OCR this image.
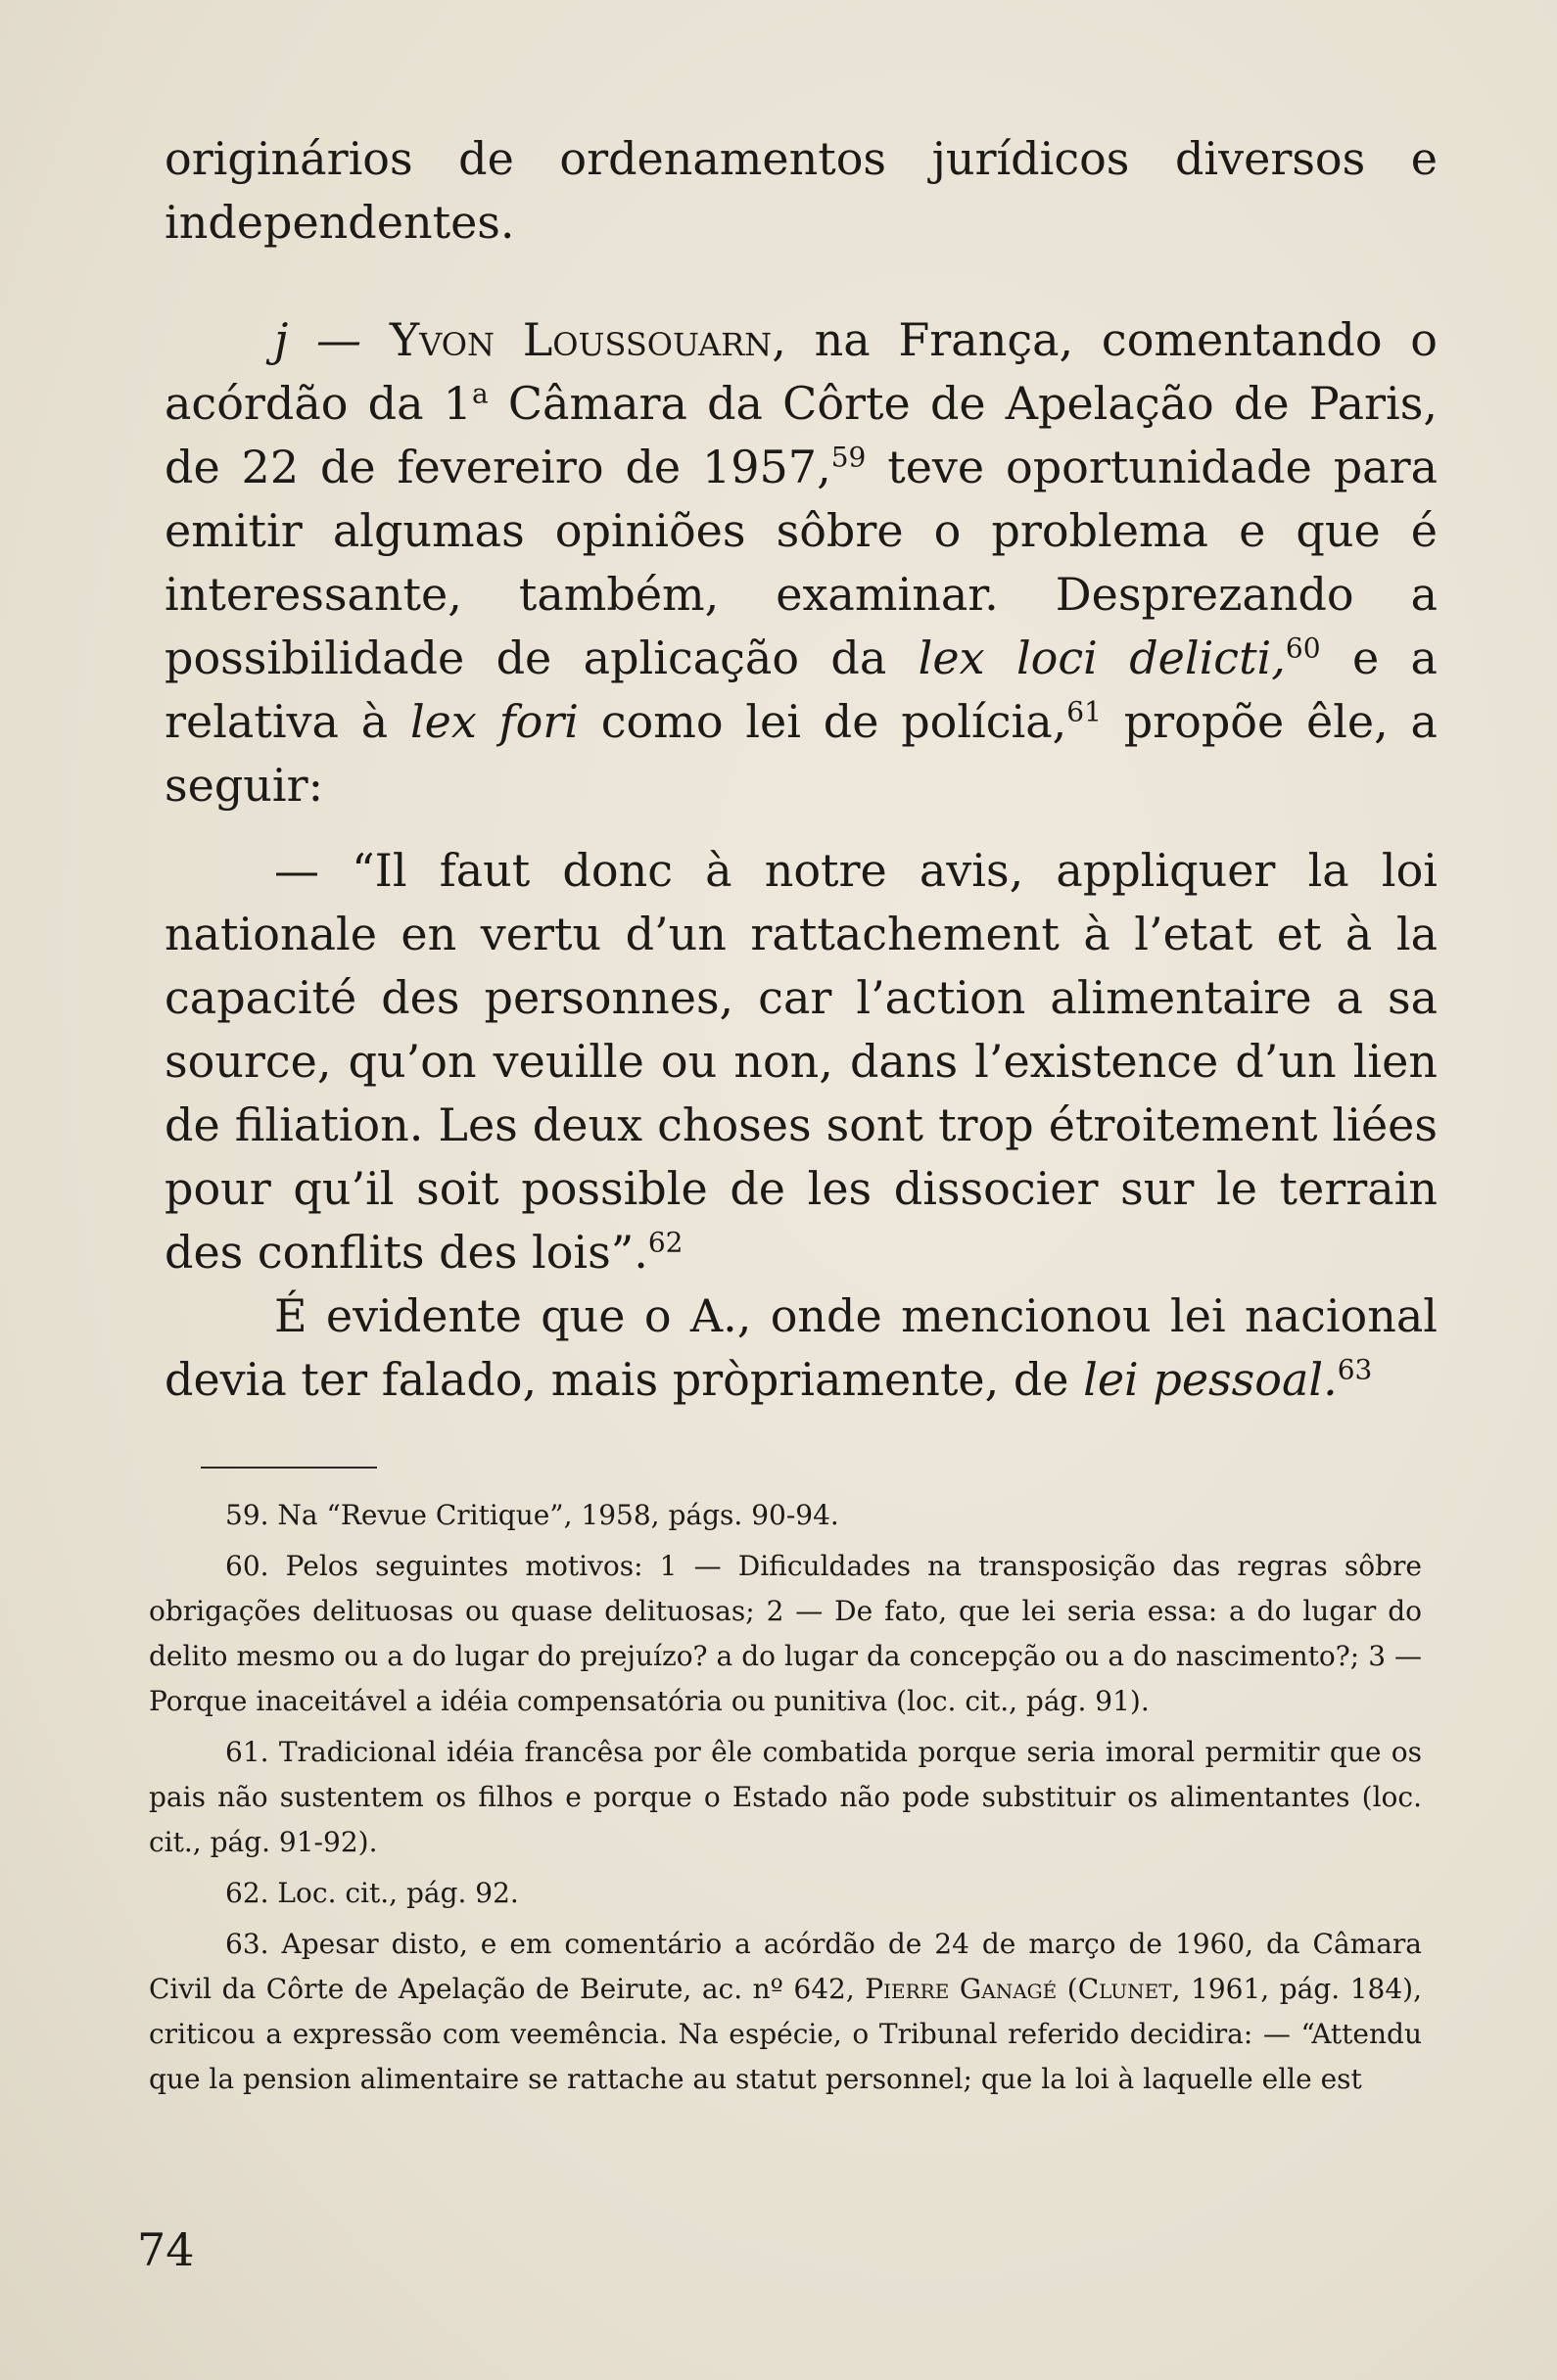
originários de ordenamentos jurídicos diversos e independentes.

j — Yvon Loussouarn, na França, comentando o acórdão da 1$^a$ Câmara da Côrte de Apelação de Paris, de 22 de fevereiro de 1957,59 teve oportunidade para emitir algumas opiniões sôbre o problema e que é interessante, também, examinar. Desprezando a possibilidade de aplicação da lex loci delicti,$^{60}$ e a relativa à lex fori como lei de polícia,$^{61}$ propõe êle, a seguir:

— “Il faut donc à notre avis, appliquer la loi nationale en vertu d’un rattachement à l’etat et à la capacité des personnes, car l’action alimentaire a sa source, qu’on veuille ou non, dans l’existence d’un lien de filiation. Les deux choses sont trop étroitement liées pour qu’il soit possible de les dissocier sur le terrain des conflits des lois”.$^{62}$

É evidente que o A., onde mencionou lei nacional devia ter falado, mais pròpriamente, de lei pessoal.$^{63}$

59. Na “Revue Critique”, 1958, págs. 90-94.

60. Pelos seguintes motivos: 1 — Dificuldades na transposição das regras sôbre obrigações delituosas ou quase delituosas; 2 — De fato, que lei seria essa: a do lugar do delito mesmo ou a do lugar do prejuízo? a do lugar da concepção ou a do nascimento?; 3 — Porque inaceitável a idéia compensatória ou punitiva (loc. cit., pág. 91).

61. Tradicional idéia francêsa por êle combatida porque seria imoral permitir que os pais não sustentem os filhos e porque o Estado não pode substituir os alimentantes (loc. cit., pág. 91-92).

62. Loc. cit., pág. 92.

63. Apesar disto, e em comentário a acórdão de 24 de março de 1960, da Câmara Civil da Côrte de Apelação de Beirute, ac. nº 642, Pierre Ganagé (Clunet, 1961, pág. 184), criticou a expressão com veemência. Na espécie, o Tribunal referido decidira: — “Attendu que la pension alimentaire se rattache au statut personnel; que la loi à laquelle elle est

74
